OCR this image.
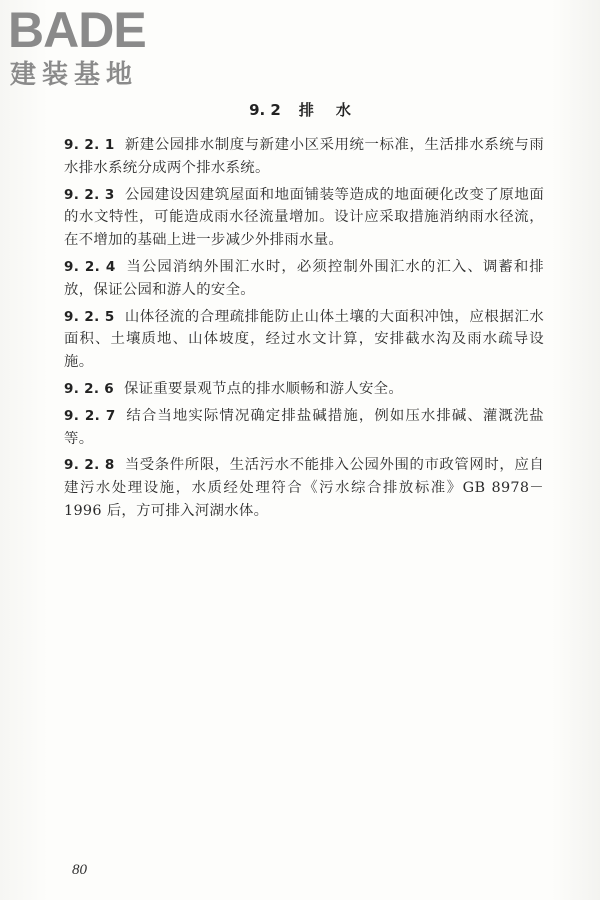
BADE
建装基地
9. 2 排 水

9. 2. 1 新建公园排水制度与新建小区采用统一标准，生活排水系统与雨水排水系统分成两个排水系统。

9. 2. 3 公园建设因建筑屋面和地面铺装等造成的地面硬化改变了原地面的水文特性，可能造成雨水径流量增加。设计应采取措施消纳雨水径流，在不增加的基础上进一步减少外排雨水量。

9. 2. 4 当公园消纳外围汇水时，必须控制外围汇水的汇入、调蓄和排放，保证公园和游人的安全。

9. 2. 5 山体径流的合理疏排能防止山体土壤的大面积冲蚀，应根据汇水面积、土壤质地、山体坡度，经过水文计算，安排截水沟及雨水疏导设施。

9. 2. 6 保证重要景观节点的排水顺畅和游人安全。

9. 2. 7 结合当地实际情况确定排盐碱措施，例如压水排碱、灌溉洗盐等。

9. 2. 8 当受条件所限，生活污水不能排入公园外围的市政管网时，应自建污水处理设施，水质经处理符合《污水综合排放标准》GB 8978－1996 后，方可排入河湖水体。

80
